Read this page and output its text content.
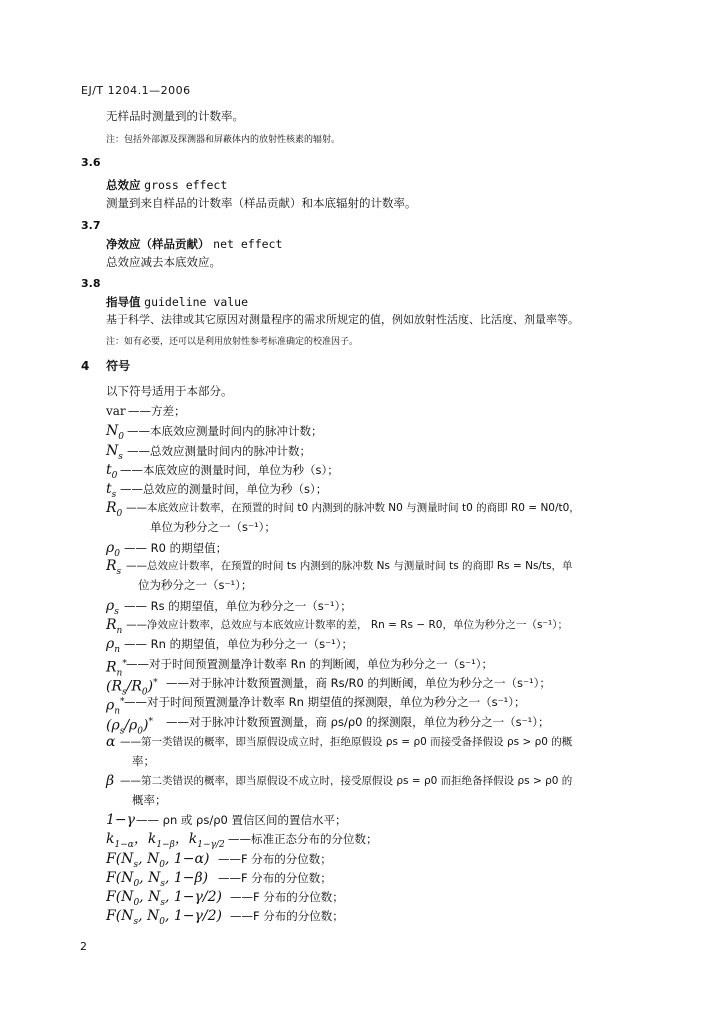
EJ/T 1204.1—2006
无样品时测量到的计数率。
注：包括外部源及探测器和屏蔽体内的放射性核素的辐射。
3.6
总效应 gross effect
测量到来自样品的计数率（样品贡献）和本底辐射的计数率。
3.7
净效应（样品贡献） net effect
总效应减去本底效应。
3.8
指导值 guideline value
基于科学、法律或其它原因对测量程序的需求所规定的值，例如放射性活度、比活度、剂量率等。
注：如有必要，还可以是利用放射性参考标准确定的校准因子。
4 符号
以下符号适用于本部分。
var ——方差；
$N_0$ ——本底效应测量时间内的脉冲计数；
$N_s$ ——总效应测量时间内的脉冲计数；
$t_0$ ——本底效应的测量时间，单位为秒（s）；
$t_s$ ——总效应的测量时间，单位为秒（s）；
$R_0$ ——本底效应计数率，在预置的时间 t0 内测到的脉冲数 N0 与测量时间 t0 的商即 R0 = N0/t0，
单位为秒分之一（s⁻¹）；
$\rho_0$ —— R0 的期望值；
$R_s$ ——总效应计数率，在预置的时间 ts 内测到的脉冲数 Ns 与测量时间 ts 的商即 Rs = Ns/ts，单
位为秒分之一（s⁻¹）；
$\rho_s$ —— Rs 的期望值，单位为秒分之一（s⁻¹）；
$R_n$ ——净效应计数率，总效应与本底效应计数率的差， Rn = Rs − R0，单位为秒分之一（s⁻¹）；
$\rho_n$ —— Rn 的期望值，单位为秒分之一（s⁻¹）；
$R_n^*$ ——对于时间预置测量净计数率 Rn 的判断阈，单位为秒分之一（s⁻¹）；
$(R_s/R_0)^*$ ——对于脉冲计数预置测量，商 Rs/R0 的判断阈，单位为秒分之一（s⁻¹）；
$\rho_n^*$ ——对于时间预置测量净计数率 Rn 期望值的探测限，单位为秒分之一（s⁻¹）；
$(\rho_s/\rho_0)^*$ ——对于脉冲计数预置测量，商 ρs/ρ0 的探测限，单位为秒分之一（s⁻¹）；
α ——第一类错误的概率，即当原假设成立时，拒绝原假设 ρs = ρ0 而接受备择假设 ρs > ρ0 的概
率；
β ——第二类错误的概率，即当原假设不成立时，接受原假设 ρs = ρ0 而拒绝备择假设 ρs > ρ0 的
概率；
1−γ —— ρn 或 ρs/ρ0 置信区间的置信水平；
$k_{1-\alpha}$，$k_{1-\beta}$，$k_{1-\gamma/2}$ ——标准正态分布的分位数；
$F(N_s$, $N_0$, 1−α) ——F 分布的分位数；
$F(N_0$, $N_s$, 1−β) ——F 分布的分位数；
$F(N_0$, $N_s$, 1−γ/2) ——F 分布的分位数；
$F(N_s$, $N_0$, 1−γ/2) ——F 分布的分位数；
2
